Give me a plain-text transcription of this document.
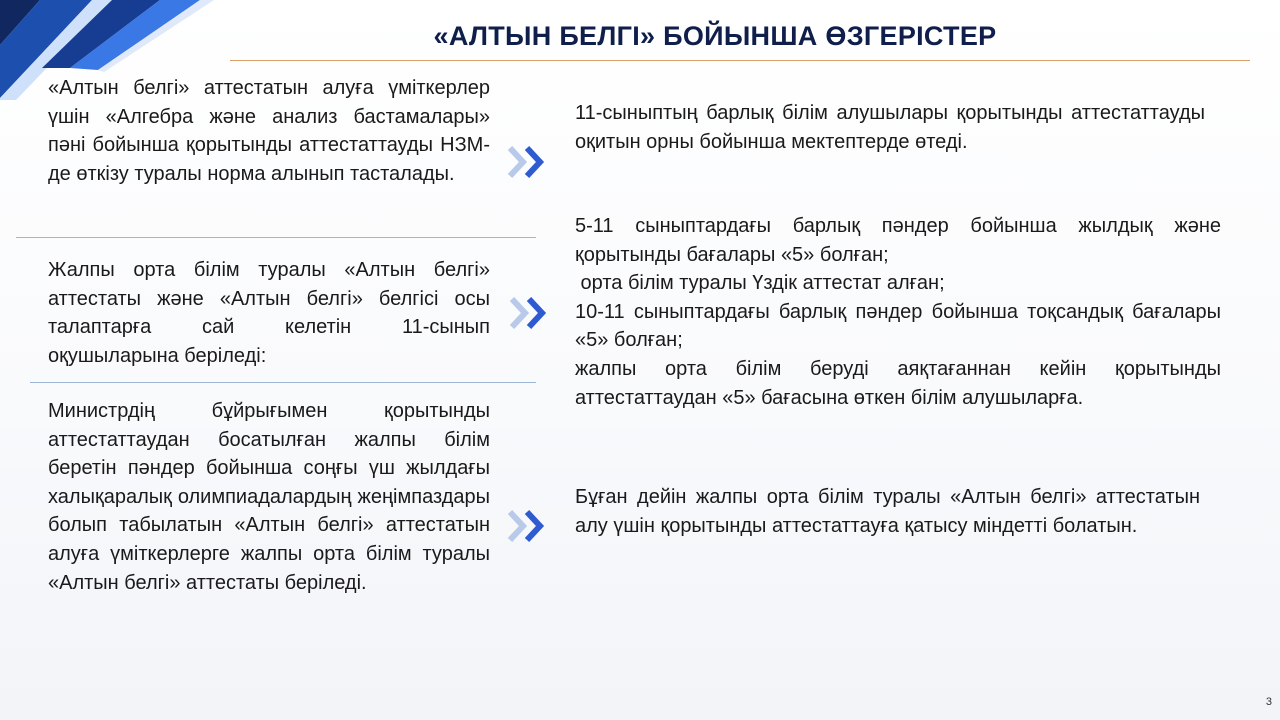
«АЛТЫН БЕЛГІ» БОЙЫНША ӨЗГЕРІСТЕР
«Алтын белгі» аттестатын алуға үміткерлер үшін «Алгебра және анализ бастамалары» пәні бойынша қорытынды аттестаттауды НЗМ-де өткізу туралы норма алынып тасталады.
Жалпы орта білім туралы «Алтын белгі» аттестаты және «Алтын белгі» белгісі осы талаптарға сай келетін 11-сынып оқушыларына беріледі:
Министрдің бұйрығымен қорытынды аттестаттаудан босатылған жалпы білім беретін пәндер бойынша соңғы үш жылдағы халықаралық олимпиадалардың жеңімпаздары болып табылатын «Алтын белгі» аттестатын алуға үміткерлерге жалпы орта білім туралы «Алтын белгі» аттестаты беріледі.
11-сыныптың барлық білім алушылары қорытынды аттестаттауды оқитын орны бойынша мектептерде өтеді.
5-11 сыныптардағы барлық пәндер бойынша жылдық және қорытынды бағалары «5» болған;
орта білім туралы Үздік аттестат алған;
10-11 сыныптардағы барлық пәндер бойынша тоқсандық бағалары «5» болған;
жалпы орта білім беруді аяқтағаннан кейін қорытынды аттестаттаудан «5» бағасына өткен білім алушыларға.
Бұған дейін жалпы орта білім туралы «Алтын белгі» аттестатын алу үшін қорытынды аттестаттауға қатысу міндетті болатын.
3
